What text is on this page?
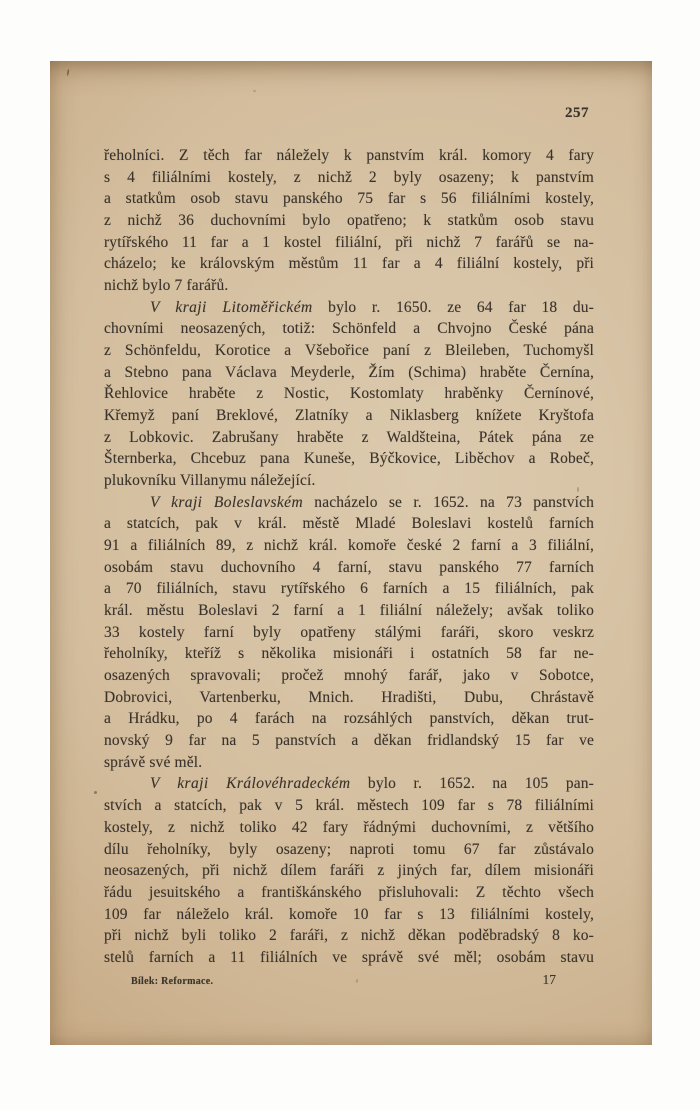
257
řeholníci. Z těch far náležely k panstvím král. komory 4 fary
s 4 filiálními kostely, z nichž 2 byly osazeny; k panstvím
a statkům osob stavu panského 75 far s 56 filiálními kostely,
z nichž 36 duchovními bylo opatřeno; k statkům osob stavu
rytířského 11 far a 1 kostel filiální, při nichž 7 farářů se na-
cházelo; ke královským městům 11 far a 4 filiální kostely, při
nichž bylo 7 farářů.
V kraji Litoměřickém bylo r. 1650. ze 64 far 18 du-
chovními neosazených, totiž: Schönfeld a Chvojno České pána
z Schönfeldu, Korotice a Všebořice paní z Bleileben, Tuchomyšl
a Stebno pana Václava Meyderle, Žím (Schima) hraběte Černína,
Řehlovice hraběte z Nostic, Kostomlaty hraběnky Černínové,
Křemyž paní Breklové, Zlatníky a Niklasberg knížete Kryštofa
z Lobkovic. Zabrušany hraběte z Waldšteina, Pátek pána ze
Šternberka, Chcebuz pana Kuneše, Býčkovice, Liběchov a Robeč,
plukovníku Villanymu náležející.
V kraji Boleslavském nacházelo se r. 1652. na 73 panstvích
a statcích, pak v král. městě Mladé Boleslavi kostelů farních
91 a filiálních 89, z nichž král. komoře české 2 farní a 3 filiální,
osobám stavu duchovního 4 farní, stavu panského 77 farních
a 70 filiálních, stavu rytířského 6 farních a 15 filiálních, pak
král. městu Boleslavi 2 farní a 1 filiální náležely; avšak toliko
33 kostely farní byly opatřeny stálými faráři, skoro veskrz
řeholníky, kteříž s několika misionáři i ostatních 58 far ne-
osazených spravovali; pročež mnohý farář, jako v Sobotce,
Dobrovici, Vartenberku, Mnich. Hradišti, Dubu, Chrástavě
a Hrádku, po 4 farách na rozsáhlých panstvích, děkan trut-
novský 9 far na 5 panstvích a děkan fridlandský 15 far ve
správě své měl.
V kraji Královéhradeckém bylo r. 1652. na 105 pan-
stvích a statcích, pak v 5 král. městech 109 far s 78 filiálními
kostely, z nichž toliko 42 fary řádnými duchovními, z většího
dílu řeholníky, byly osazeny; naproti tomu 67 far zůstávalo
neosazených, při nichž dílem faráři z jiných far, dílem misionáři
řádu jesuitského a františkánského přisluhovali: Z těchto všech
109 far náleželo král. komoře 10 far s 13 filiálními kostely,
při nichž byli toliko 2 faráři, z nichž děkan poděbradský 8 ko-
stelů farních a 11 filiálních ve správě své měl; osobám stavu
Bílek: Reformace.	17
